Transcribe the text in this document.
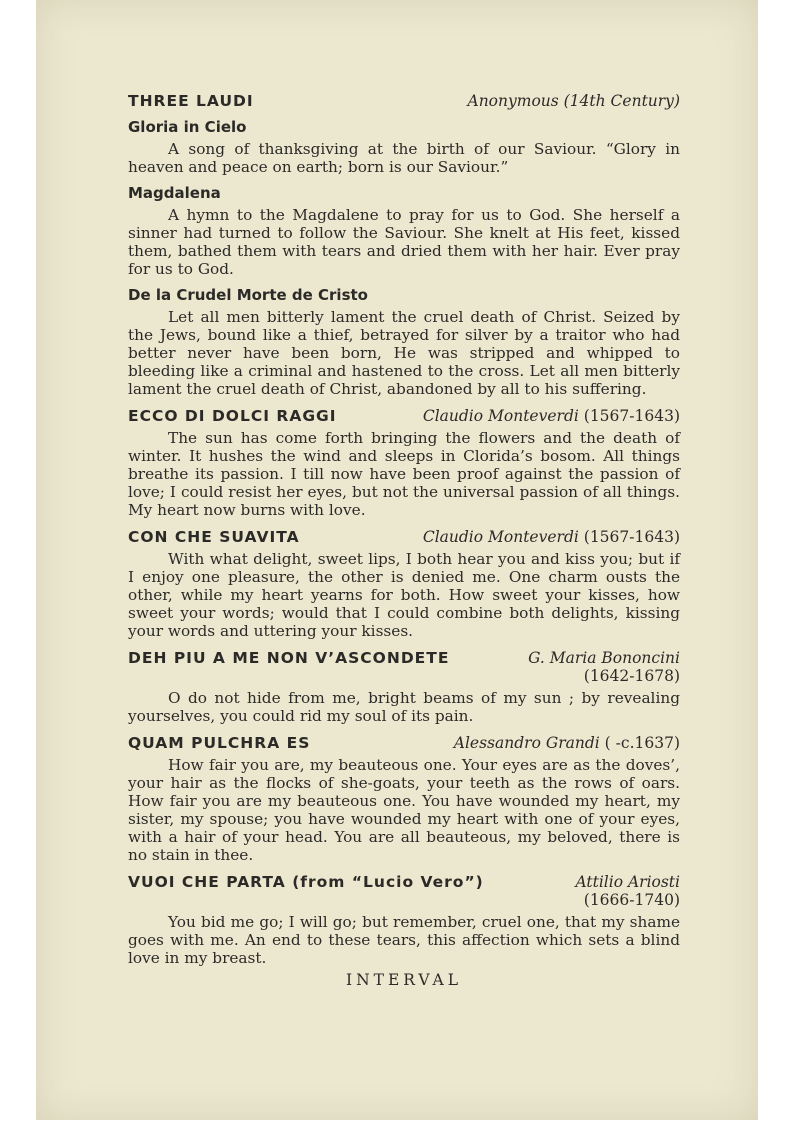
THREE LAUDI	Anonymous (14th Century)
Gloria in Cielo
A song of thanksgiving at the birth of our Saviour. “Glory in heaven and peace on earth; born is our Saviour.”
Magdalena
A hymn to the Magdalene to pray for us to God. She herself a sinner had turned to follow the Saviour. She knelt at His feet, kissed them, bathed them with tears and dried them with her hair. Ever pray for us to God.
De la Crudel Morte de Cristo
Let all men bitterly lament the cruel death of Christ. Seized by the Jews, bound like a thief, betrayed for silver by a traitor who had better never have been born, He was stripped and whipped to bleeding like a criminal and hastened to the cross. Let all men bitterly lament the cruel death of Christ, abandoned by all to his suffering.
ECCO DI DOLCI RAGGI	Claudio Monteverdi (1567-1643)
The sun has come forth bringing the flowers and the death of winter. It hushes the wind and sleeps in Clorida’s bosom. All things breathe its passion. I till now have been proof against the passion of love; I could resist her eyes, but not the universal passion of all things. My heart now burns with love.
CON CHE SUAVITA	Claudio Monteverdi (1567-1643)
With what delight, sweet lips, I both hear you and kiss you; but if I enjoy one pleasure, the other is denied me. One charm ousts the other, while my heart yearns for both. How sweet your kisses, how sweet your words; would that I could combine both delights, kissing your words and uttering your kisses.
DEH PIU A ME NON V’ASCONDETE	G. Maria Bononcini
(1642-1678)
O do not hide from me, bright beams of my sun ; by revealing yourselves, you could rid my soul of its pain.
QUAM PULCHRA ES	Alessandro Grandi ( -c.1637)
How fair you are, my beauteous one. Your eyes are as the doves’, your hair as the flocks of she-goats, your teeth as the rows of oars. How fair you are my beauteous one. You have wounded my heart, my sister, my spouse; you have wounded my heart with one of your eyes, with a hair of your head. You are all beauteous, my beloved, there is no stain in thee.
VUOI CHE PARTA (from “Lucio Vero”)	Attilio Ariosti
(1666-1740)
You bid me go; I will go; but remember, cruel one, that my shame goes with me. An end to these tears, this affection which sets a blind love in my breast.
INTERVAL
